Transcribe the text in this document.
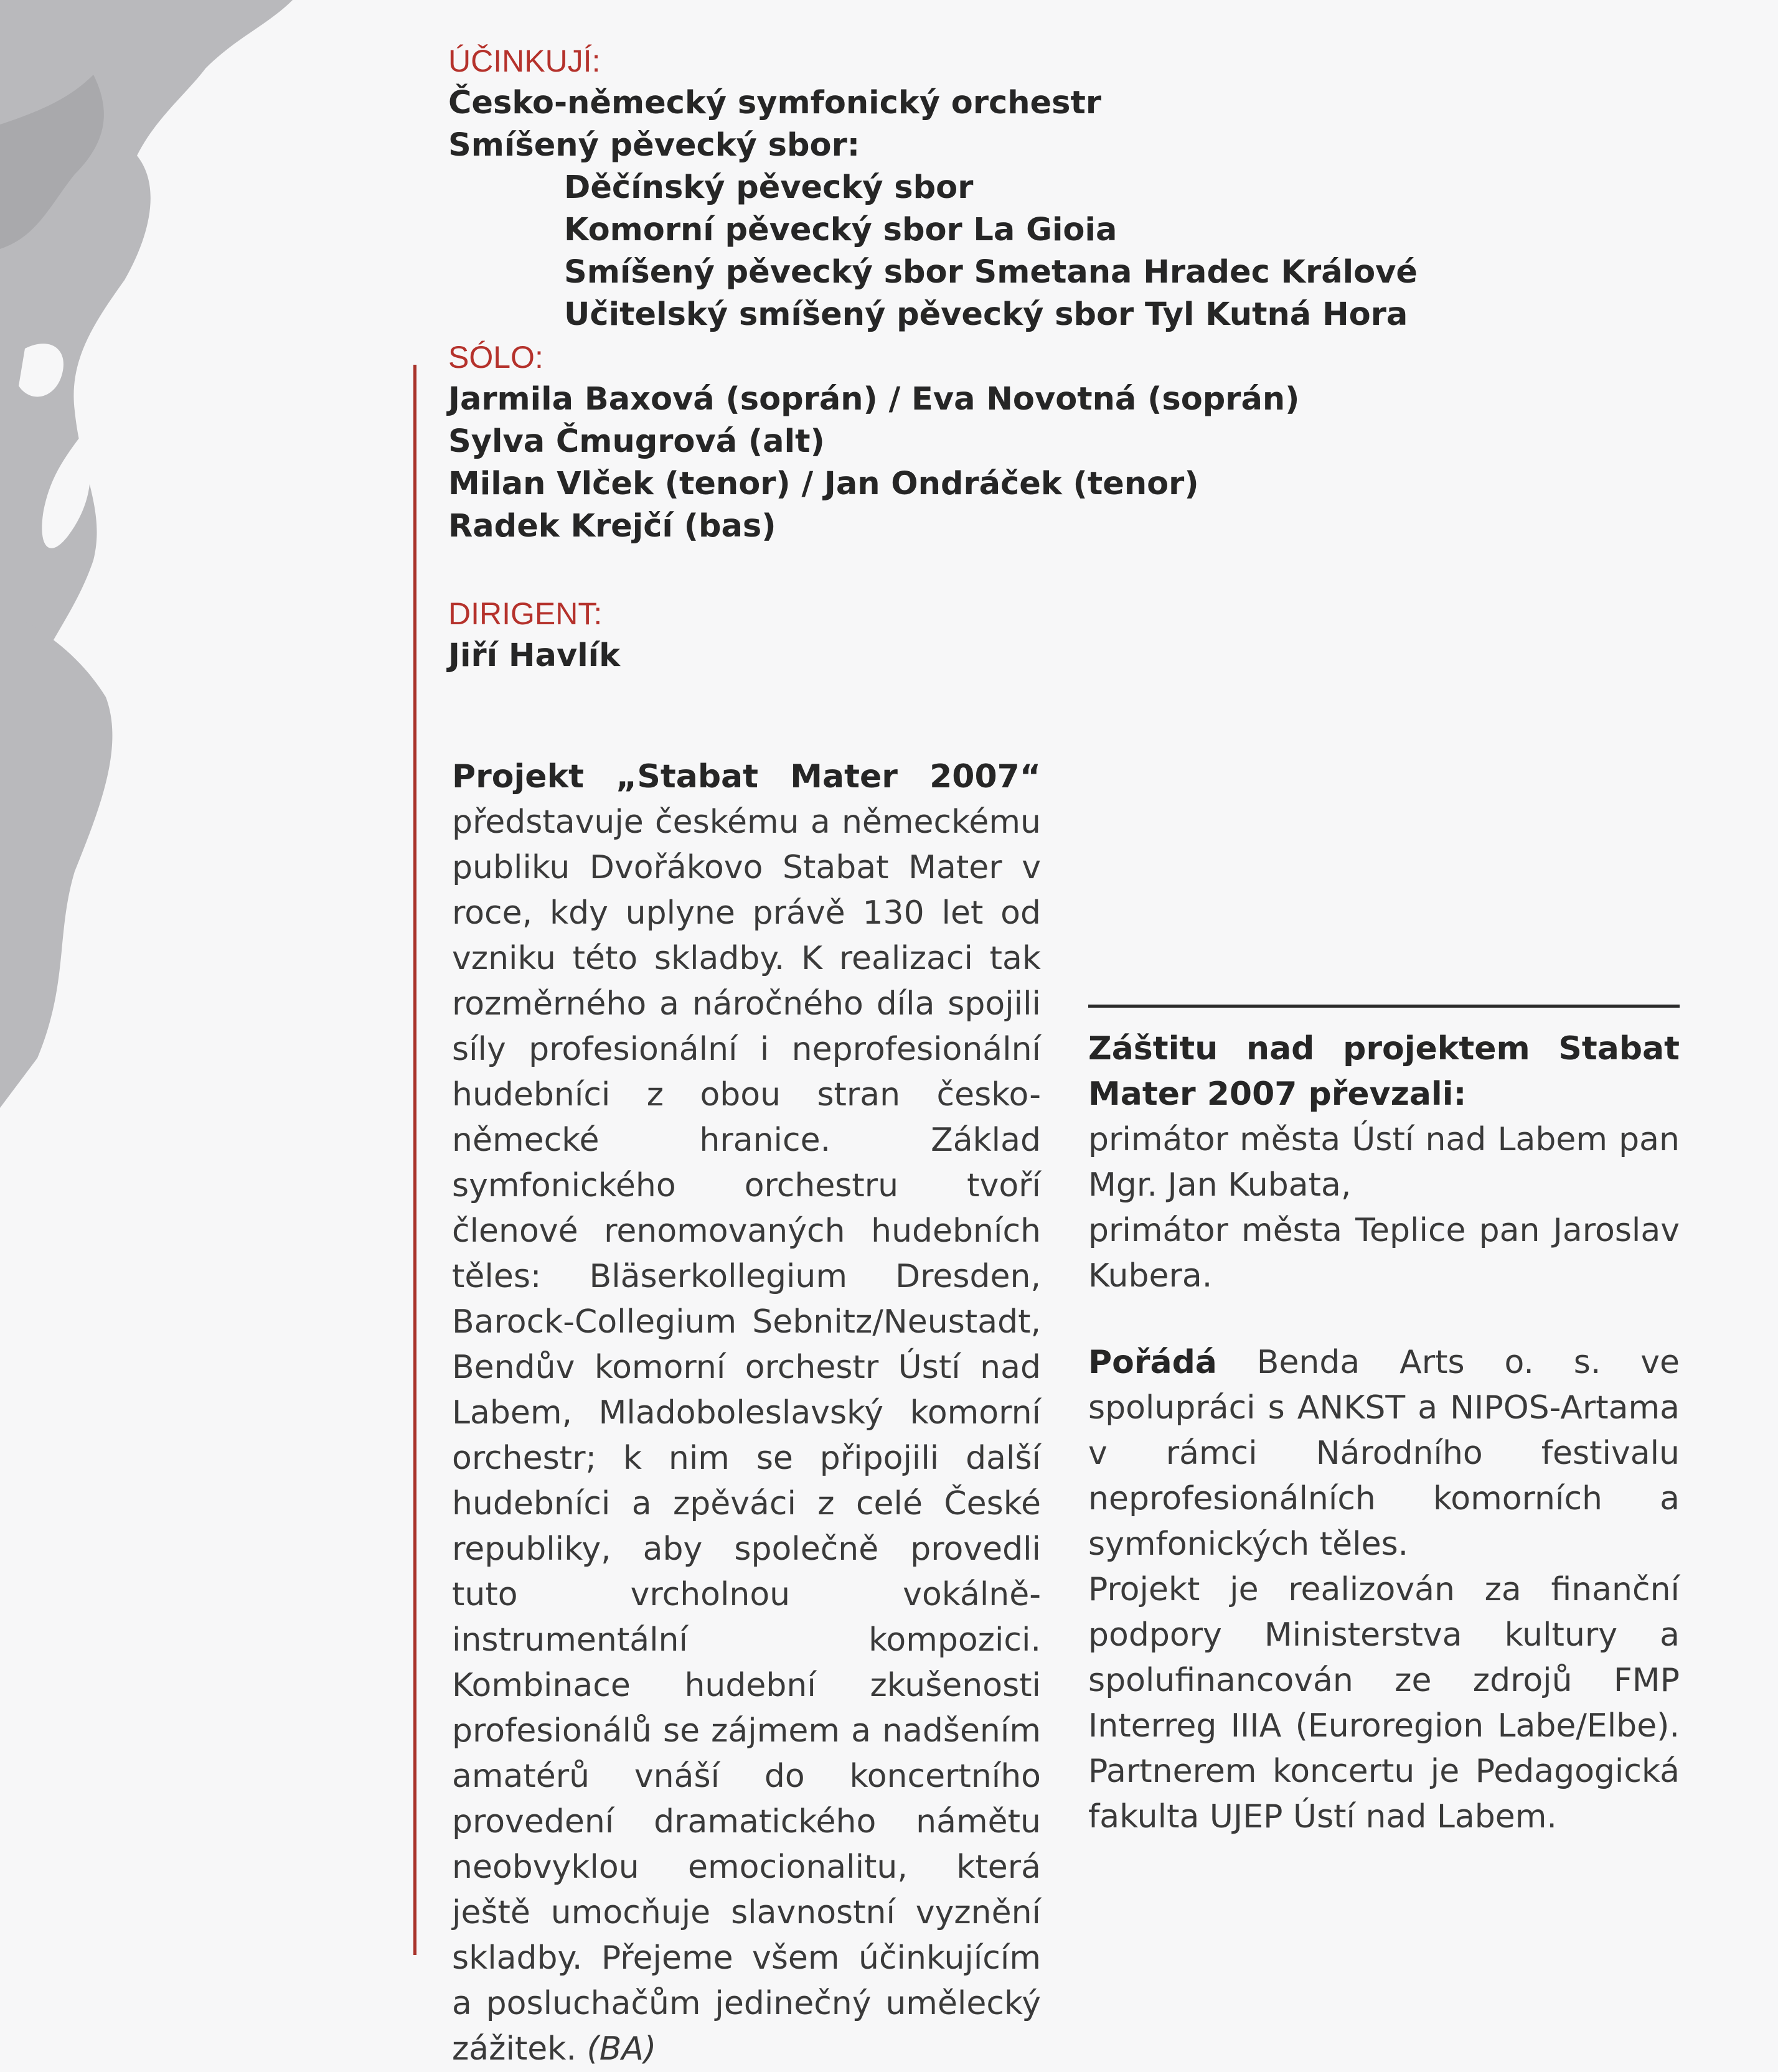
ÚČINKUJÍ:
Česko-německý symfonický orchestr
Smíšený pěvecký sbor:
Děčínský pěvecký sbor
Komorní pěvecký sbor La Gioia
Smíšený pěvecký sbor Smetana Hradec Králové
Učitelský smíšený pěvecký sbor Tyl Kutná Hora
SÓLO:
Jarmila Baxová (soprán) / Eva Novotná (soprán)
Sylva Čmugrová (alt)
Milan Vlček (tenor) / Jan Ondráček (tenor)
Radek Krejčí (bas)
DIRIGENT:
Jiří Havlík

Projekt „Stabat Mater 2007“ představuje českému a německému publiku Dvořákovo Stabat Mater v roce, kdy uplyne právě 130 let od vzniku této skladby. K realizaci tak rozměrného a náročného díla spojili síly profesionální i neprofesionální hudebníci z obou stran česko-německé hranice. Základ symfonického orchestru tvoří členové renomovaných hudebních těles: Bläserkollegium Dresden, Barock-Collegium Sebnitz/Neustadt, Bendův komorní orchestr Ústí nad Labem, Mladoboleslavský komorní orchestr; k nim se připojili další hudebníci a zpěváci z celé České republiky, aby společně provedli tuto vrcholnou vokálně-instrumentální kompozici. Kombinace hudební zkušenosti profesionálů se zájmem a nadšením amatérů vnáší do koncertního provedení dramatického námětu neobvyklou emocionalitu, která ještě umocňuje slavnostní vyznění skladby. Přejeme všem účinkujícím a posluchačům jedinečný umělecký zážitek. (BA)

Záštitu nad projektem Stabat Mater 2007 převzali:

primátor města Ústí nad Labem pan Mgr. Jan Kubata,

primátor města Teplice pan Jaroslav Kubera.

Pořádá Benda Arts o. s. ve spolupráci s ANKST a NIPOS-Artama v rámci Národního festivalu neprofesionálních komorních a symfonických těles.

Projekt je realizován za finanční podpory Ministerstva kultury a spolufinancován ze zdrojů FMP Interreg IIIA (Euroregion Labe/Elbe). Partnerem koncertu je Pedagogická fakulta UJEP Ústí nad Labem.
